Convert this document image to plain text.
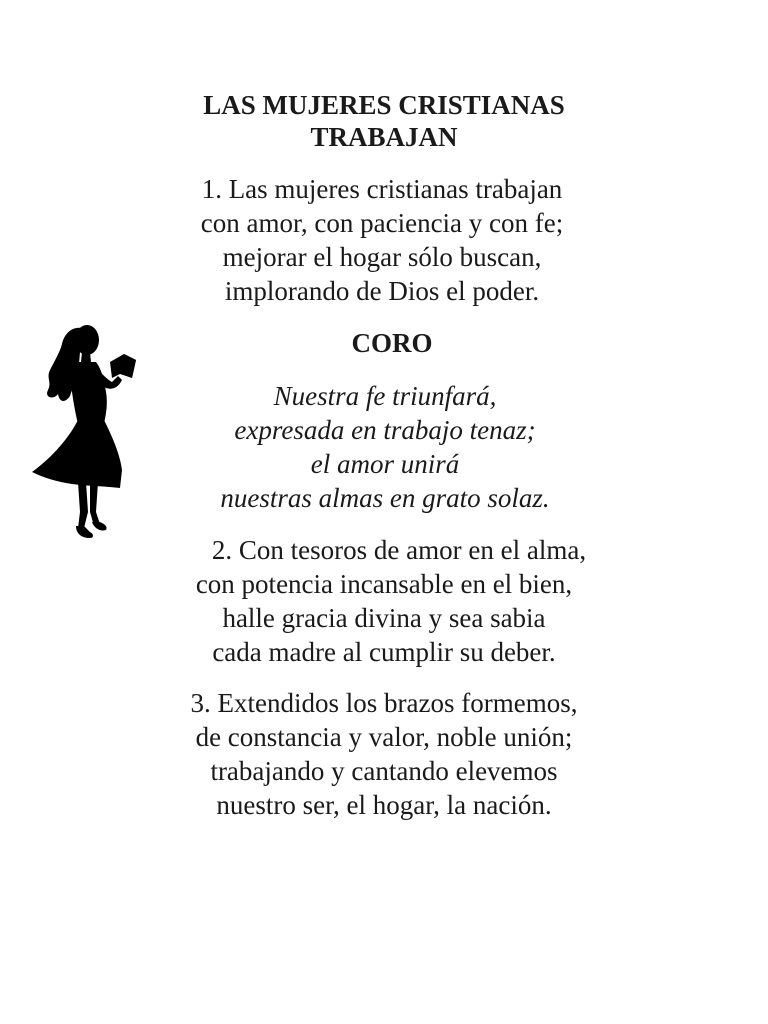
LAS MUJERES CRISTIANAS
TRABAJAN
1. Las mujeres cristianas trabajan
con amor, con paciencia y con fe;
mejorar el hogar sólo buscan,
implorando de Dios el poder.
CORO
Nuestra fe triunfará,
expresada en trabajo tenaz;
el amor unirá
nuestras almas en grato solaz.
2. Con tesoros de amor en el alma,
con potencia incansable en el bien,
halle gracia divina y sea sabia
cada madre al cumplir su deber.
3. Extendidos los brazos formemos,
de constancia y valor, noble unión;
trabajando y cantando elevemos
nuestro ser, el hogar, la nación.
